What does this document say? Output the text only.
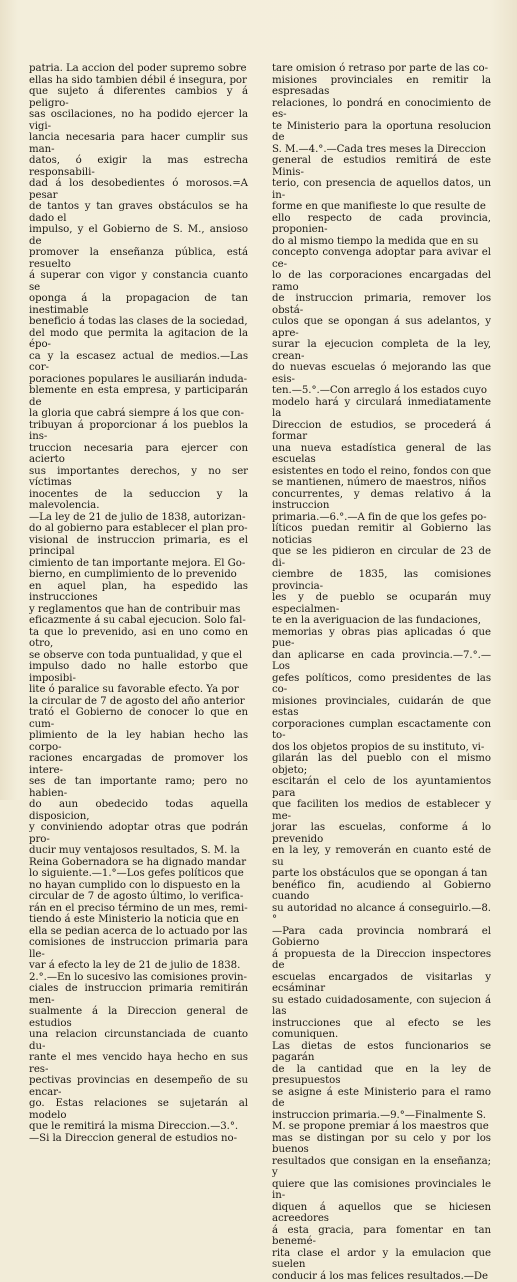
patria. La accion del poder supremo sobre
ellas ha sido tambien débil é insegura, por
que sujeto á diferentes cambios y á peligro-
sas oscilaciones, no ha podido ejercer la vigi-
lancia necesaria para hacer cumplir sus man-
datos, ó exigir la mas estrecha responsabili-
dad á los desobedientes ó morosos.=A pesar
de tantos y tan graves obstáculos se ha dado el
impulso, y el Gobierno de S. M., ansioso de
promover la enseñanza pública, está resuelto
á superar con vigor y constancia cuanto se
oponga á la propagacion de tan inestimable
beneficio á todas las clases de la sociedad,
del modo que permita la agitacion de la épo-
ca y la escasez actual de medios.—Las cor-
poraciones populares le ausiliarán induda-
blemente en esta empresa, y participarán de
la gloria que cabrá siempre á los que con-
tribuyan á proporcionar á los pueblos la ins-
truccion necesaria para ejercer con acierto
sus importantes derechos, y no ser víctimas
inocentes de la seduccion y la malevolencia.
—La ley de 21 de julio de 1838, autorizan-
do al gobierno para establecer el plan pro-
visional de instruccion primaria, es el principal
cimiento de tan importante mejora. El Go-
bierno, en cumplimiento de lo prevenido
en aquel plan, ha espedido las instrucciones
y reglamentos que han de contribuir mas
eficazmente á su cabal ejecucion. Solo fal-
ta que lo prevenido, asi en uno como en otro,
se observe con toda puntualidad, y que el
impulso dado no halle estorbo que imposibi-
lite ó paralice su favorable efecto. Ya por
la circular de 7 de agosto del año anterior
trató el Gobierno de conocer lo que en cum-
plimiento de la ley habian hecho las corpo-
raciones encargadas de promover los intere-
ses de tan importante ramo; pero no habien-
do aun obedecido todas aquella disposicion,
y conviniendo adoptar otras que podrán pro-
ducir muy ventajosos resultados, S. M. la
Reina Gobernadora se ha dignado mandar
lo siguiente.—1.°—Los gefes políticos que
no hayan cumplido con lo dispuesto en la
circular de 7 de agosto último, lo verifica-
rán en el preciso término de un mes, remi-
tiendo á este Ministerio la noticia que en
ella se pedian acerca de lo actuado por las
comisiones de instruccion primaria para lle-
var á efecto la ley de 21 de julio de 1838.
2.°.—En lo sucesivo las comisiones provin-
ciales de instruccion primaria remitirán men-
sualmente á la Direccion general de estudios
una relacion circunstanciada de cuanto du-
rante el mes vencido haya hecho en sus res-
pectivas provincias en desempeño de su encar-
go. Estas relaciones se sujetarán al modelo
que le remitirá la misma Direccion.—3.°.
—Si la Direccion general de estudios no-

tare omision ó retraso por parte de las co-
misiones provinciales en remitir la espresadas
relaciones, lo pondrá en conocimiento de es-
te Ministerio para la oportuna resolucion de
S. M.—4.°.—Cada tres meses la Direccion
general de estudios remitirá de este Minis-
terio, con presencia de aquellos datos, un in-
forme en que manifieste lo que resulte de
ello respecto de cada provincia, proponien-
do al mismo tiempo la medida que en su
concepto convenga adoptar para avivar el ce-
lo de las corporaciones encargadas del ramo
de instruccion primaria, remover los obstá-
culos que se opongan á sus adelantos, y apre-
surar la ejecucion completa de la ley, crean-
do nuevas escuelas ó mejorando las que esis-
ten.—5.°.—Con arreglo á los estados cuyo
modelo hará y circulará inmediatamente la
Direccion de estudios, se procederá á formar
una nueva estadística general de las escuelas
esistentes en todo el reino, fondos con que
se mantienen, número de maestros, niños
concurrentes, y demas relativo á la instruccion
primaria.—6.°.—A fin de que los gefes po-
líticos puedan remitir al Gobierno las noticias
que se les pidieron en circular de 23 de di-
ciembre de 1835, las comisiones provincia-
les y de pueblo se ocuparán muy especialmen-
te en la averiguacion de las fundaciones,
memorias y obras pias aplicadas ó que pue-
dan aplicarse en cada provincia.—7.°.—Los
gefes políticos, como presidentes de las co-
misiones provinciales, cuidarán de que estas
corporaciones cumplan escactamente con to-
dos los objetos propios de su instituto, vi-
gilarán las del pueblo con el mismo objeto;
escitarán el celo de los ayuntamientos para
que faciliten los medios de establecer y me-
jorar las escuelas, conforme á lo prevenido
en la ley, y removerán en cuanto esté de su
parte los obstáculos que se opongan á tan
benéfico fin, acudiendo al Gobierno cuando
su autoridad no alcance á conseguirlo.—8.°
—Para cada provincia nombrará el Gobierno
á propuesta de la Direccion inspectores de
escuelas encargados de visitarlas y ecsáminar
su estado cuidadosamente, con sujecion á las
instrucciones que al efecto se les comuniquen.
Las dietas de estos funcionarios se pagarán
de la cantidad que en la ley de presupuestos
se asigne á este Ministerio para el ramo de
instruccion primaria.—9.°—Finalmente S.
M. se propone premiar á los maestros que
mas se distingan por su celo y por los buenos
resultados que consigan en la enseñanza; y
quiere que las comisiones provinciales le in-
diquen á aquellos que se hiciesen acreedores
á esta gracia, para fomentar en tan benemé-
rita clase el ardor y la emulacion que suelen
conducir á los mas felices resultados.—De
